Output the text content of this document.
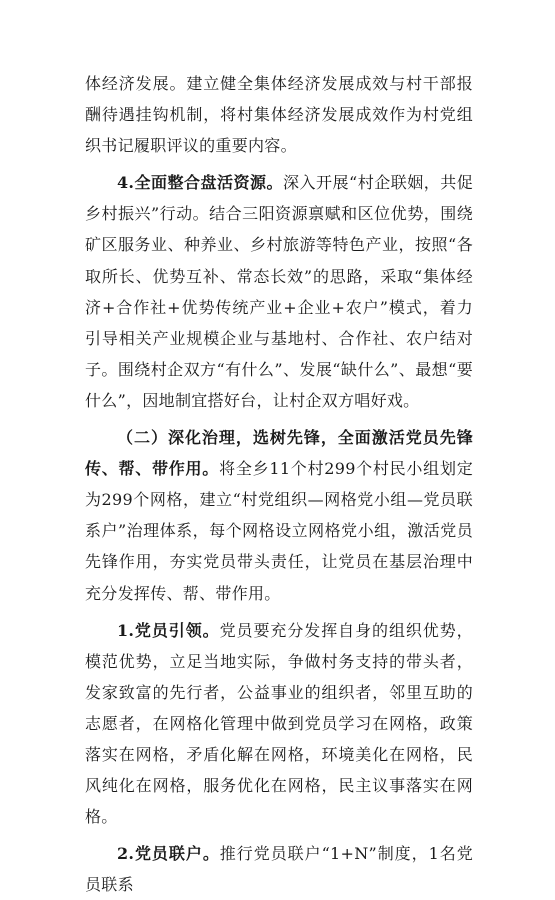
体经济发展。建立健全集体经济发展成效与村干部报酬待遇挂钩机制，将村集体经济发展成效作为村党组织书记履职评议的重要内容。

4.全面整合盘活资源。深入开展“村企联姻，共促乡村振兴”行动。结合三阳资源禀赋和区位优势，围绕矿区服务业、种养业、乡村旅游等特色产业，按照“各取所长、优势互补、常态长效”的思路，采取“集体经济+合作社+优势传统产业+企业+农户”模式，着力引导相关产业规模企业与基地村、合作社、农户结对子。围绕村企双方“有什么”、发展“缺什么”、最想“要什么”，因地制宜搭好台，让村企双方唱好戏。

（二）深化治理，选树先锋，全面激活党员先锋传、帮、带作用。将全乡11个村299个村民小组划定为299个网格，建立“村党组织—网格党小组—党员联系户”治理体系，每个网格设立网格党小组，激活党员先锋作用，夯实党员带头责任，让党员在基层治理中充分发挥传、帮、带作用。

1.党员引领。党员要充分发挥自身的组织优势，模范优势，立足当地实际，争做村务支持的带头者，发家致富的先行者，公益事业的组织者，邻里互助的志愿者，在网格化管理中做到党员学习在网格，政策落实在网格，矛盾化解在网格，环境美化在网格，民风纯化在网格，服务优化在网格，民主议事落实在网格。

2.党员联户。推行党员联户“1+N”制度，1名党员联系
